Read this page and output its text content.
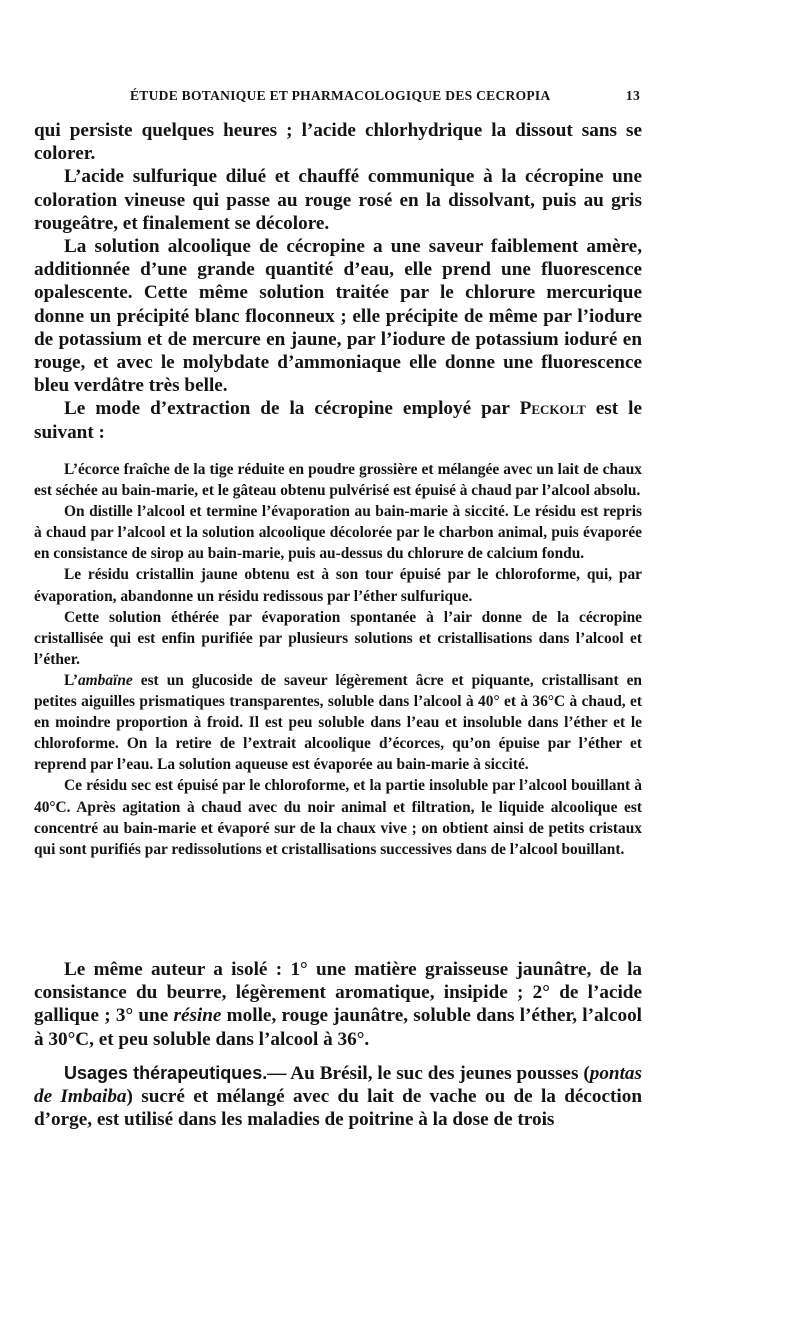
ÉTUDE BOTANIQUE ET PHARMACOLOGIQUE DES CECROPIA	13

qui persiste quelques heures ; l’acide chlorhydrique la dissout sans se colorer.

L’acide sulfurique dilué et chauffé communique à la cécropine une coloration vineuse qui passe au rouge rosé en la dissolvant, puis au gris rougeâtre, et finalement se décolore.

La solution alcoolique de cécropine a une saveur faiblement amère, additionnée d’une grande quantité d’eau, elle prend une fluorescence opalescente. Cette même solution traitée par le chlorure mercurique donne un précipité blanc floconneux ; elle précipite de même par l’iodure de potassium et de mercure en jaune, par l’iodure de potassium ioduré en rouge, et avec le molybdate d’ammoniaque elle donne une fluorescence bleu verdâtre très belle.

Le mode d’extraction de la cécropine employé par Peckolt est le suivant :

L’écorce fraîche de la tige réduite en poudre grossière et mélangée avec un lait de chaux est séchée au bain-marie, et le gâteau obtenu pulvérisé est épuisé à chaud par l’alcool absolu.

On distille l’alcool et termine l’évaporation au bain-marie à siccité. Le résidu est repris à chaud par l’alcool et la solution alcoolique décolorée par le charbon animal, puis évaporée en consistance de sirop au bain-marie, puis au-dessus du chlorure de calcium fondu.

Le résidu cristallin jaune obtenu est à son tour épuisé par le chloroforme, qui, par évaporation, abandonne un résidu redissous par l’éther sulfurique.

Cette solution éthérée par évaporation spontanée à l’air donne de la cécropine cristallisée qui est enfin purifiée par plusieurs solutions et cristallisations dans l’alcool et l’éther.

L’ambaïne est un glucoside de saveur légèrement âcre et piquante, cristallisant en petites aiguilles prismatiques transparentes, soluble dans l’alcool à 40° et à 36°C à chaud, et en moindre proportion à froid. Il est peu soluble dans l’eau et insoluble dans l’éther et le chloroforme. On la retire de l’extrait alcoolique d’écorces, qu’on épuise par l’éther et reprend par l’eau. La solution aqueuse est évaporée au bain-marie à siccité.

Ce résidu sec est épuisé par le chloroforme, et la partie insoluble par l’alcool bouillant à 40°C. Après agitation à chaud avec du noir animal et filtration, le liquide alcoolique est concentré au bain-marie et évaporé sur de la chaux vive ; on obtient ainsi de petits cristaux qui sont purifiés par redissolutions et cristallisations successives dans de l’alcool bouillant.

Le même auteur a isolé : 1° une matière graisseuse jaunâtre, de la consistance du beurre, légèrement aromatique, insipide ; 2° de l’acide gallique ; 3° une résine molle, rouge jaunâtre, soluble dans l’éther, l’alcool à 30°C, et peu soluble dans l’alcool à 36°.

Usages thérapeutiques.— Au Brésil, le suc des jeunes pousses (pontas de Imbaiba) sucré et mélangé avec du lait de vache ou de la décoction d’orge, est utilisé dans les maladies de poitrine à la dose de trois
